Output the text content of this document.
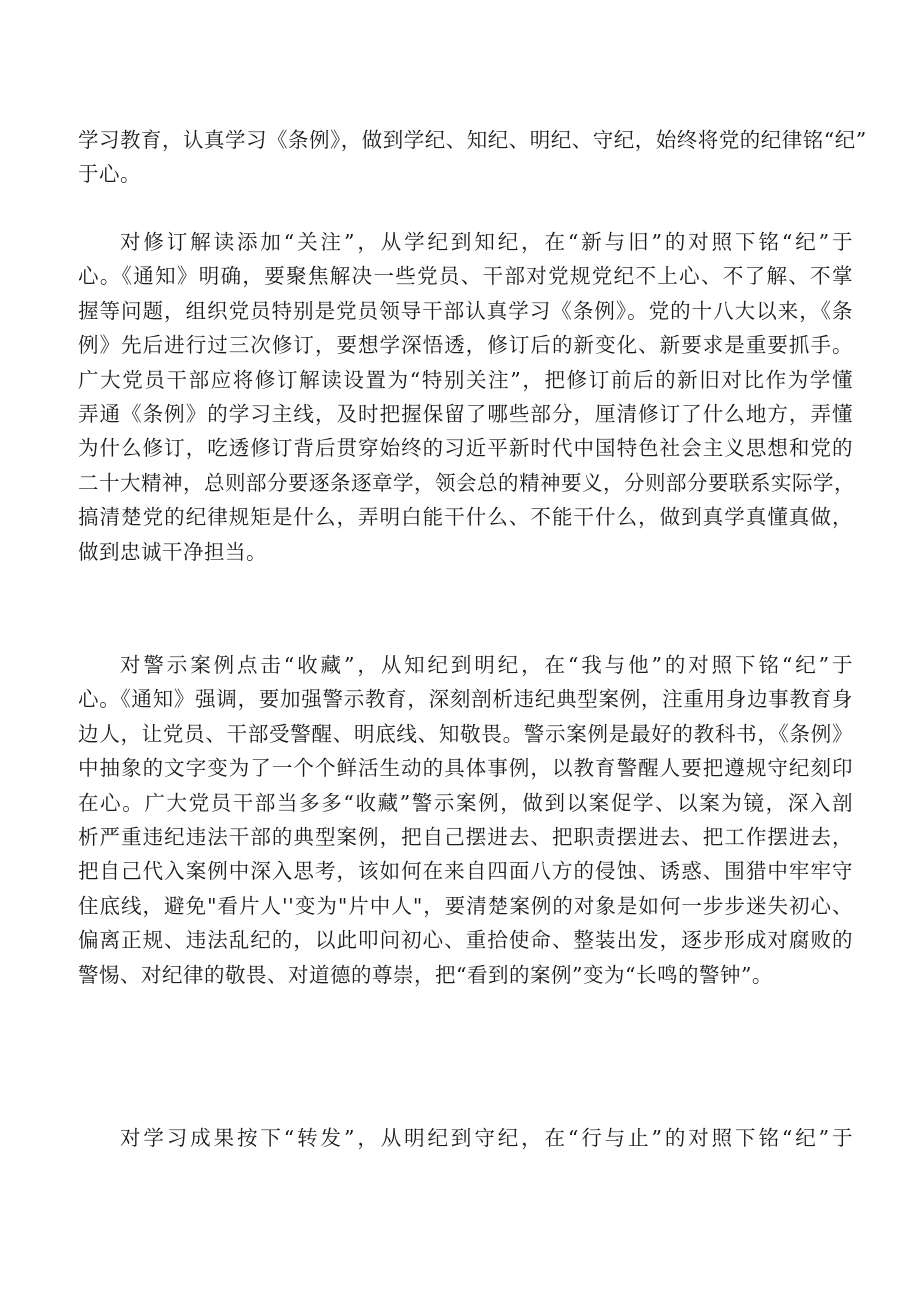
学习教育，认真学习《条例》，做到学纪、知纪、明纪、守纪，始终将党的纪律铭“纪”
于心。
对修订解读添加“关注”，从学纪到知纪，在“新与旧”的对照下铭“纪”于
心。《通知》明确，要聚焦解决一些党员、干部对党规党纪不上心、不了解、不掌
握等问题，组织党员特别是党员领导干部认真学习《条例》。党的十八大以来，《条
例》先后进行过三次修订，要想学深悟透，修订后的新变化、新要求是重要抓手。
广大党员干部应将修订解读设置为“特别关注”，把修订前后的新旧对比作为学懂
弄通《条例》的学习主线，及时把握保留了哪些部分，厘清修订了什么地方，弄懂
为什么修订，吃透修订背后贯穿始终的习近平新时代中国特色社会主义思想和党的
二十大精神，总则部分要逐条逐章学，领会总的精神要义，分则部分要联系实际学，
搞清楚党的纪律规矩是什么，弄明白能干什么、不能干什么，做到真学真懂真做，
做到忠诚干净担当。
对警示案例点击“收藏”，从知纪到明纪，在“我与他”的对照下铭“纪”于
心。《通知》强调，要加强警示教育，深刻剖析违纪典型案例，注重用身边事教育身
边人，让党员、干部受警醒、明底线、知敬畏。警示案例是最好的教科书，《条例》
中抽象的文字变为了一个个鲜活生动的具体事例，以教育警醒人要把遵规守纪刻印
在心。广大党员干部当多多“收藏”警示案例，做到以案促学、以案为镜，深入剖
析严重违纪违法干部的典型案例，把自己摆进去、把职责摆进去、把工作摆进去，
把自己代入案例中深入思考，该如何在来自四面八方的侵蚀、诱惑、围猎中牢牢守
住底线，避免"看片人''变为"片中人"，要清楚案例的对象是如何一步步迷失初心、
偏离正规、违法乱纪的，以此叩问初心、重拾使命、整装出发，逐步形成对腐败的
警惕、对纪律的敬畏、对道德的尊崇，把“看到的案例”变为“长鸣的警钟”。
对学习成果按下“转发”，从明纪到守纪，在“行与止”的对照下铭“纪”于
